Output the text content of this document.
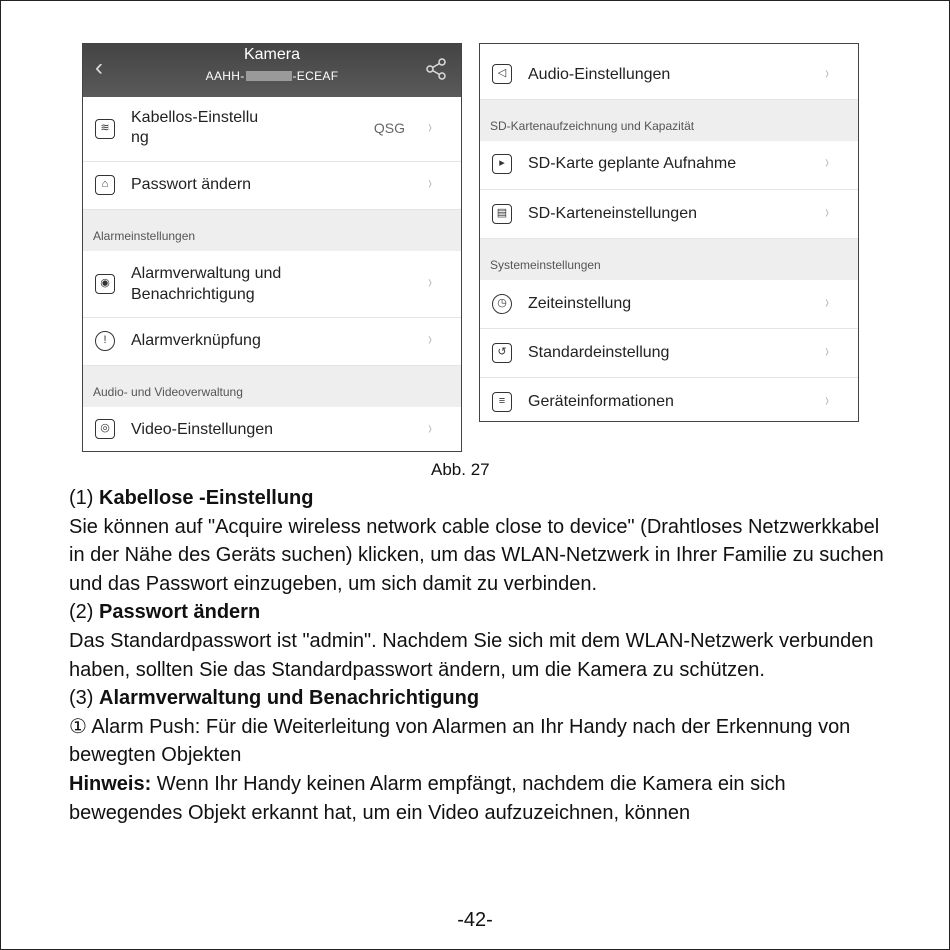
‹	Kamera
AAHH-	-ECEAF
≋
Kabellos-Einstellu
ng
QSG ›
⌂	Passwort ändern	›
Alarmeinstellungen
◉
Alarmverwaltung und
Benachrichtigung
›
!	Alarmverknüpfung	›
Audio- und Videoverwaltung
◎	Video-Einstellungen	›
◁	Audio-Einstellungen	›
SD-Kartenaufzeichnung und Kapazität
▸	SD-Karte geplante Aufnahme	›
▤ SD-Karteneinstellungen	›
Systemeinstellungen
◷	Zeiteinstellung	›
↺	Standardeinstellung	›
≡	Geräteinformationen	›
Abb. 27

(1) Kabellose -Einstellung

Sie können auf "Acquire wireless network cable close to device" (Drahtloses Netzwerkkabel in der Nähe des Geräts suchen) klicken, um das WLAN-Netzwerk in Ihrer Familie zu suchen und das Passwort einzugeben, um sich damit zu verbinden.

(2) Passwort ändern

Das Standardpasswort ist "admin". Nachdem Sie sich mit dem WLAN-Netzwerk verbunden haben, sollten Sie das Standardpasswort ändern, um die Kamera zu schützen.

(3) Alarmverwaltung und Benachrichtigung

① Alarm Push: Für die Weiterleitung von Alarmen an Ihr Handy nach der Erkennung von bewegten Objekten

Hinweis: Wenn Ihr Handy keinen Alarm empfängt, nachdem die Kamera ein sich bewegendes Objekt erkannt hat, um ein Video aufzuzeichnen, können

-42-
